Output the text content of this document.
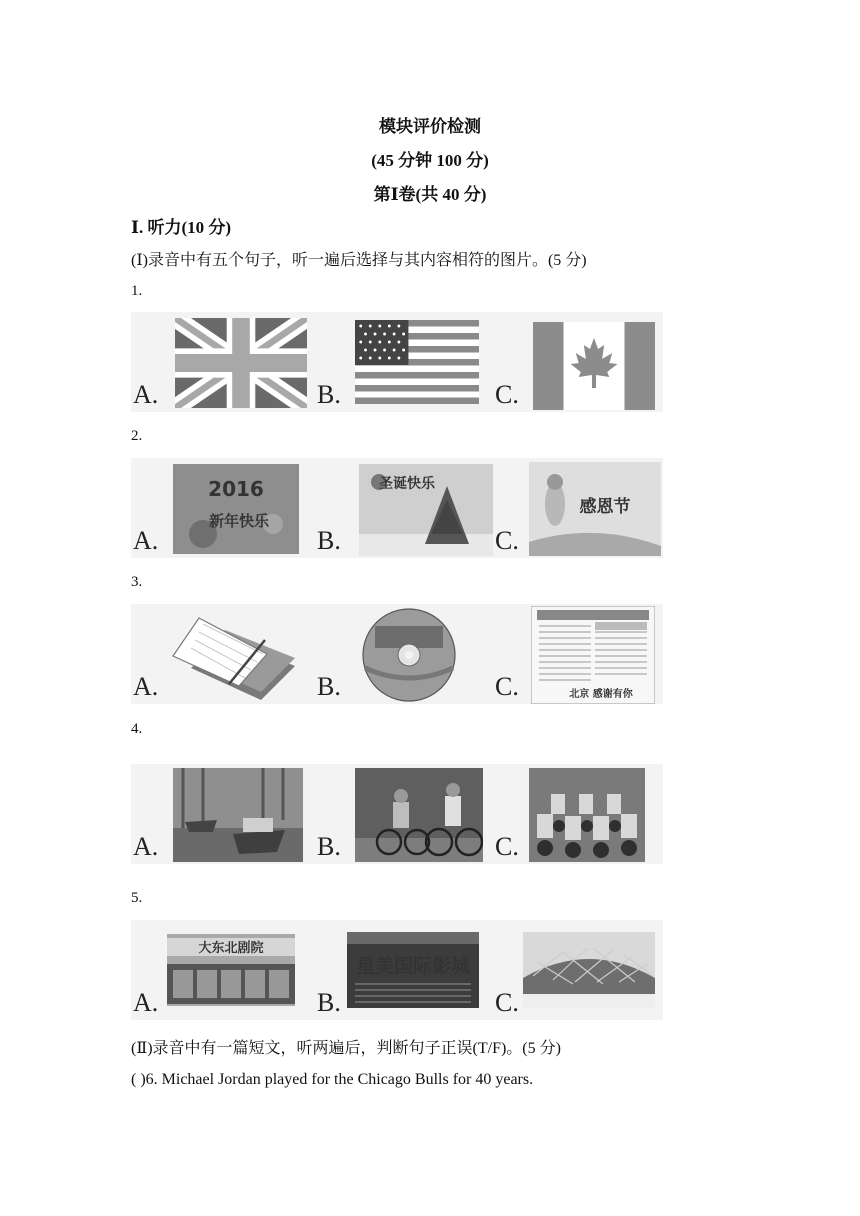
模块评价检测
(45 分钟 100 分)
第Ⅰ卷(共 40 分)
Ⅰ. 听力(10 分)
(Ⅰ)录音中有五个句子，听一遍后选择与其内容相符的图片。(5 分)
1.
A.	B.	C.
2.
A.
2016
新年快乐
B.
圣诞快乐
C.
感恩节
3.
A.	B.	C.	北京 感谢有你
4.
A.	B.	C.
5.
A.
大东北剧院
B.
星美国际影城
C.
(Ⅱ)录音中有一篇短文，听两遍后，判断句子正误(T/F)。(5 分)
( )6. Michael Jordan played for the Chicago Bulls for 40 years.
